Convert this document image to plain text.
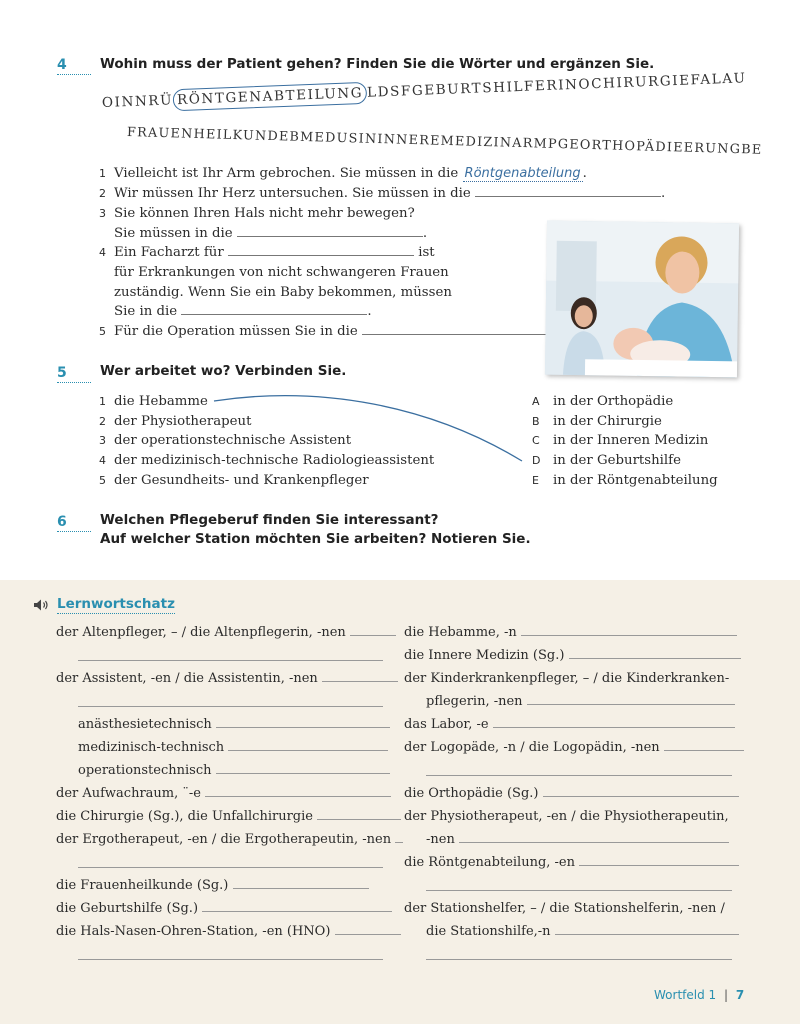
4	Wohin muss der Patient gehen? Finden Sie die Wörter und ergänzen Sie.
OINNRÜ RÖNTGENABTEILUNG LDSFGEBURTSHILFERINOCHIRURGIEFALAU
FRAUENHEILKUNDEBMEDUSININNEREMEDIZINARMPGEORTHOPÄDIEERUNGBE
1 Vielleicht ist Ihr Arm gebrochen. Sie müssen in die Röntgenabteilung .
2 Wir müssen Ihr Herz untersuchen. Sie müssen in die	.
3 Sie können Ihren Hals nicht mehr bewegen?
Sie müssen in die	.
4 Ein Facharzt für	ist
für Erkrankungen von nicht schwangeren Frauen
zuständig. Wenn Sie ein Baby bekommen, müssen
Sie in die	.
5 Für die Operation müssen Sie in die
5	Wer arbeitet wo? Verbinden Sie.
1 die Hebamme
2 der Physiotherapeut
3 der operationstechnische Assistent
4 der medizinisch-technische Radiologieassistent
5 der Gesundheits- und Krankenpfleger
A in der Orthopädie
B in der Chirurgie
C in der Inneren Medizin
D in der Geburtshilfe
E in der Röntgenabteilung
6	Welchen Pflegeberuf finden Sie interessant?
Auf welcher Station möchten Sie arbeiten? Notieren Sie.
Lernwortschatz
der Altenpfleger, – / die Altenpflegerin, -nen
der Assistent, -en / die Assistentin, -nen
anästhesietechnisch
medizinisch-technisch
operationstechnisch
der Aufwachraum, ¨-e
die Chirurgie (Sg.), die Unfallchirurgie
der Ergotherapeut, -en / die Ergotherapeutin, -nen
die Frauenheilkunde (Sg.)
die Geburtshilfe (Sg.)
die Hals-Nasen-Ohren-Station, -en (HNO)
die Hebamme, -n
die Innere Medizin (Sg.)
der Kinderkrankenpfleger, – / die Kinderkranken-
pflegerin, -nen
das Labor, -e
der Logopäde, -n / die Logopädin, -nen
die Orthopädie (Sg.)
der Physiotherapeut, -en / die Physiotherapeutin,
-nen
die Röntgenabteilung, -en
der Stationshelfer, – / die Stationshelferin, -nen /
die Stationshilfe,-n
Wortfeld 1 | 7
